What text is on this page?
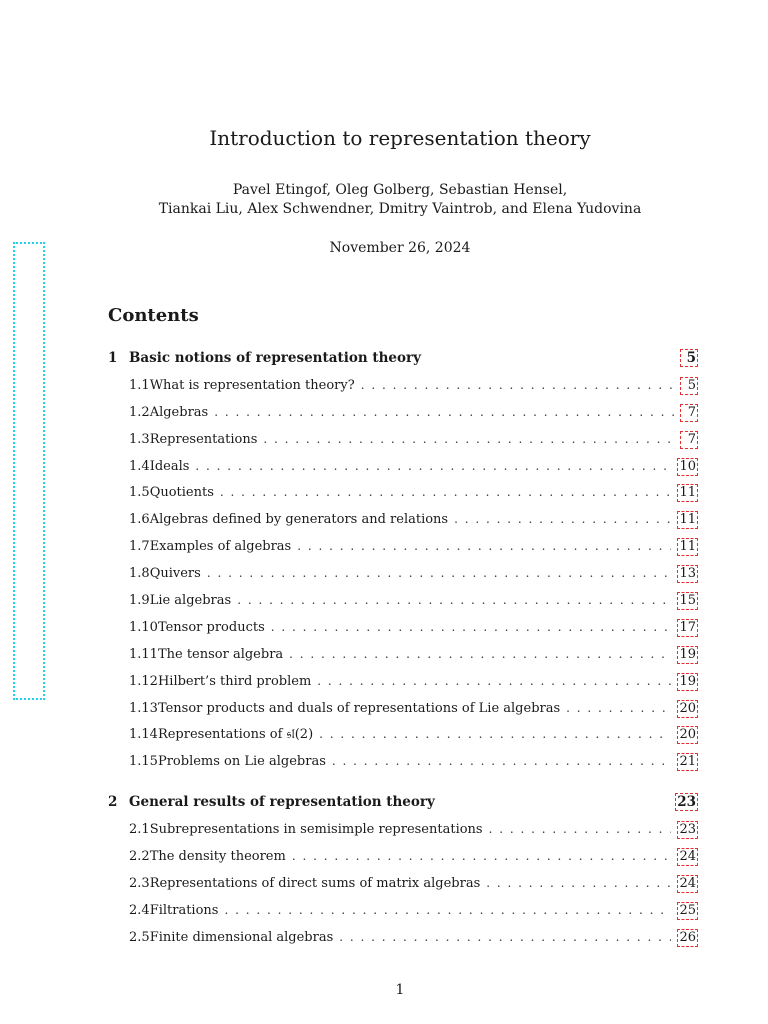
Introduction to representation theory
Pavel Etingof, Oleg Golberg, Sebastian Hensel,
Tiankai Liu, Alex Schwendner, Dmitry Vaintrob, and Elena Yudovina
November 26, 2024
Contents
1 Basic notions of representation theory	5
1.1 What is representation theory? . . .	5
1.2 Algebras . . .	7
1.3 Representations . . .	7
1.4 Ideals . . .	10
1.5 Quotients . . .	11
1.6 Algebras defined by generators and relations . . .	11
1.7 Examples of algebras . . .	11
1.8 Quivers . . .	13
1.9 Lie algebras . . .	15
1.10 Tensor products . . .	17
1.11 The tensor algebra . . .	19
1.12 Hilbert’s third problem . . .	19
1.13 Tensor products and duals of representations of Lie algebras . . .	20
1.14 Representations of 𝔰𝔩(2) . . .	20
1.15 Problems on Lie algebras . . .	21
2 General results of representation theory	23
2.1 Subrepresentations in semisimple representations . . .	23
2.2 The density theorem . . .	24
2.3 Representations of direct sums of matrix algebras . . .	24
2.4 Filtrations . . .	25
2.5 Finite dimensional algebras . . .	26
1
